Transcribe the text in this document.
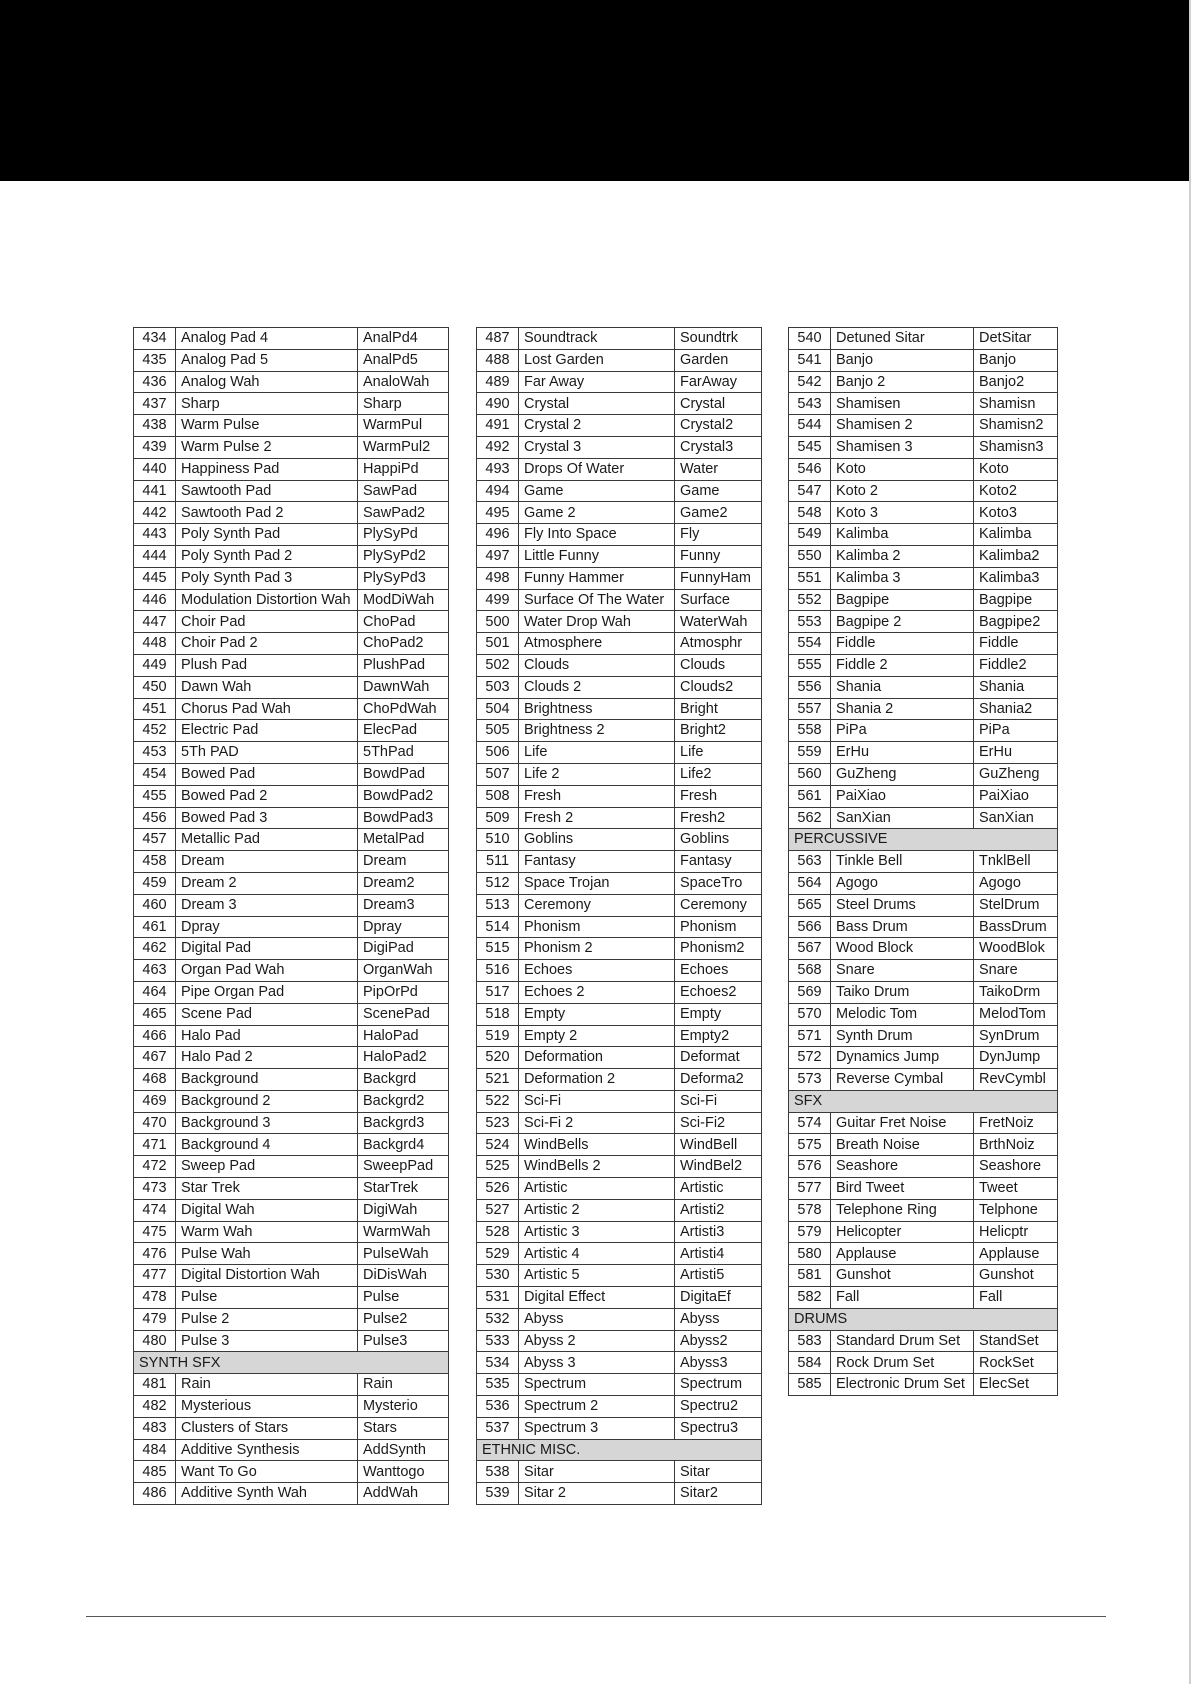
434	Analog Pad 4	AnalPd4
435	Analog Pad 5	AnalPd5
436	Analog Wah	AnaloWah
437	Sharp	Sharp
438	Warm Pulse	WarmPul
439	Warm Pulse 2	WarmPul2
440	Happiness Pad	HappiPd
441	Sawtooth Pad	SawPad
442	Sawtooth Pad 2	SawPad2
443	Poly Synth Pad	PlySyPd
444	Poly Synth Pad 2	PlySyPd2
445	Poly Synth Pad 3	PlySyPd3
446	Modulation Distortion Wah	ModDiWah
447	Choir Pad	ChoPad
448	Choir Pad 2	ChoPad2
449	Plush Pad	PlushPad
450	Dawn Wah	DawnWah
451	Chorus Pad Wah	ChoPdWah
452	Electric Pad	ElecPad
453	5Th PAD	5ThPad
454	Bowed Pad	BowdPad
455	Bowed Pad 2	BowdPad2
456	Bowed Pad 3	BowdPad3
457	Metallic Pad	MetalPad
458	Dream	Dream
459	Dream 2	Dream2
460	Dream 3	Dream3
461	Dpray	Dpray
462	Digital Pad	DigiPad
463	Organ Pad Wah	OrganWah
464	Pipe Organ Pad	PipOrPd
465	Scene Pad	ScenePad
466	Halo Pad	HaloPad
467	Halo Pad 2	HaloPad2
468	Background	Backgrd
469	Background 2	Backgrd2
470	Background 3	Backgrd3
471	Background 4	Backgrd4
472	Sweep Pad	SweepPad
473	Star Trek	StarTrek
474	Digital Wah	DigiWah
475	Warm Wah	WarmWah
476	Pulse Wah	PulseWah
477	Digital Distortion Wah	DiDisWah
478	Pulse	Pulse
479	Pulse 2	Pulse2
480	Pulse 3	Pulse3
SYNTH SFX		
481	Rain	Rain
482	Mysterious	Mysterio
483	Clusters of Stars	Stars
484	Additive Synthesis	AddSynth
485	Want To Go	Wanttogo
486	Additive Synth Wah	AddWah
487	Soundtrack	Soundtrk
488	Lost Garden	Garden
489	Far Away	FarAway
490	Crystal	Crystal
491	Crystal 2	Crystal2
492	Crystal 3	Crystal3
493	Drops Of Water	Water
494	Game	Game
495	Game 2	Game2
496	Fly Into Space	Fly
497	Little Funny	Funny
498	Funny Hammer	FunnyHam
499	Surface Of The Water	Surface
500	Water Drop Wah	WaterWah
501	Atmosphere	Atmosphr
502	Clouds	Clouds
503	Clouds 2	Clouds2
504	Brightness	Bright
505	Brightness 2	Bright2
506	Life	Life
507	Life 2	Life2
508	Fresh	Fresh
509	Fresh 2	Fresh2
510	Goblins	Goblins
511	Fantasy	Fantasy
512	Space Trojan	SpaceTro
513	Ceremony	Ceremony
514	Phonism	Phonism
515	Phonism 2	Phonism2
516	Echoes	Echoes
517	Echoes 2	Echoes2
518	Empty	Empty
519	Empty 2	Empty2
520	Deformation	Deformat
521	Deformation 2	Deforma2
522	Sci-Fi	Sci-Fi
523	Sci-Fi 2	Sci-Fi2
524	WindBells	WindBell
525	WindBells 2	WindBel2
526	Artistic	Artistic
527	Artistic 2	Artisti2
528	Artistic 3	Artisti3
529	Artistic 4	Artisti4
530	Artistic 5	Artisti5
531	Digital Effect	DigitaEf
532	Abyss	Abyss
533	Abyss 2	Abyss2
534	Abyss 3	Abyss3
535	Spectrum	Spectrum
536	Spectrum 2	Spectru2
537	Spectrum 3	Spectru3
ETHNIC MISC.		
538	Sitar	Sitar
539	Sitar 2	Sitar2
540	Detuned Sitar	DetSitar
541	Banjo	Banjo
542	Banjo 2	Banjo2
543	Shamisen	Shamisn
544	Shamisen 2	Shamisn2
545	Shamisen 3	Shamisn3
546	Koto	Koto
547	Koto 2	Koto2
548	Koto 3	Koto3
549	Kalimba	Kalimba
550	Kalimba 2	Kalimba2
551	Kalimba 3	Kalimba3
552	Bagpipe	Bagpipe
553	Bagpipe 2	Bagpipe2
554	Fiddle	Fiddle
555	Fiddle 2	Fiddle2
556	Shania	Shania
557	Shania 2	Shania2
558	PiPa	PiPa
559	ErHu	ErHu
560	GuZheng	GuZheng
561	PaiXiao	PaiXiao
562	SanXian	SanXian
PERCUSSIVE		
563	Tinkle Bell	TnklBell
564	Agogo	Agogo
565	Steel Drums	StelDrum
566	Bass Drum	BassDrum
567	Wood Block	WoodBlok
568	Snare	Snare
569	Taiko Drum	TaikoDrm
570	Melodic Tom	MelodTom
571	Synth Drum	SynDrum
572	Dynamics Jump	DynJump
573	Reverse Cymbal	RevCymbl
SFX		
574	Guitar Fret Noise	FretNoiz
575	Breath Noise	BrthNoiz
576	Seashore	Seashore
577	Bird Tweet	Tweet
578	Telephone Ring	Telphone
579	Helicopter	Helicptr
580	Applause	Applause
581	Gunshot	Gunshot
582	Fall	Fall
DRUMS		
583	Standard Drum Set	StandSet
584	Rock Drum Set	RockSet
585	Electronic Drum Set	ElecSet
